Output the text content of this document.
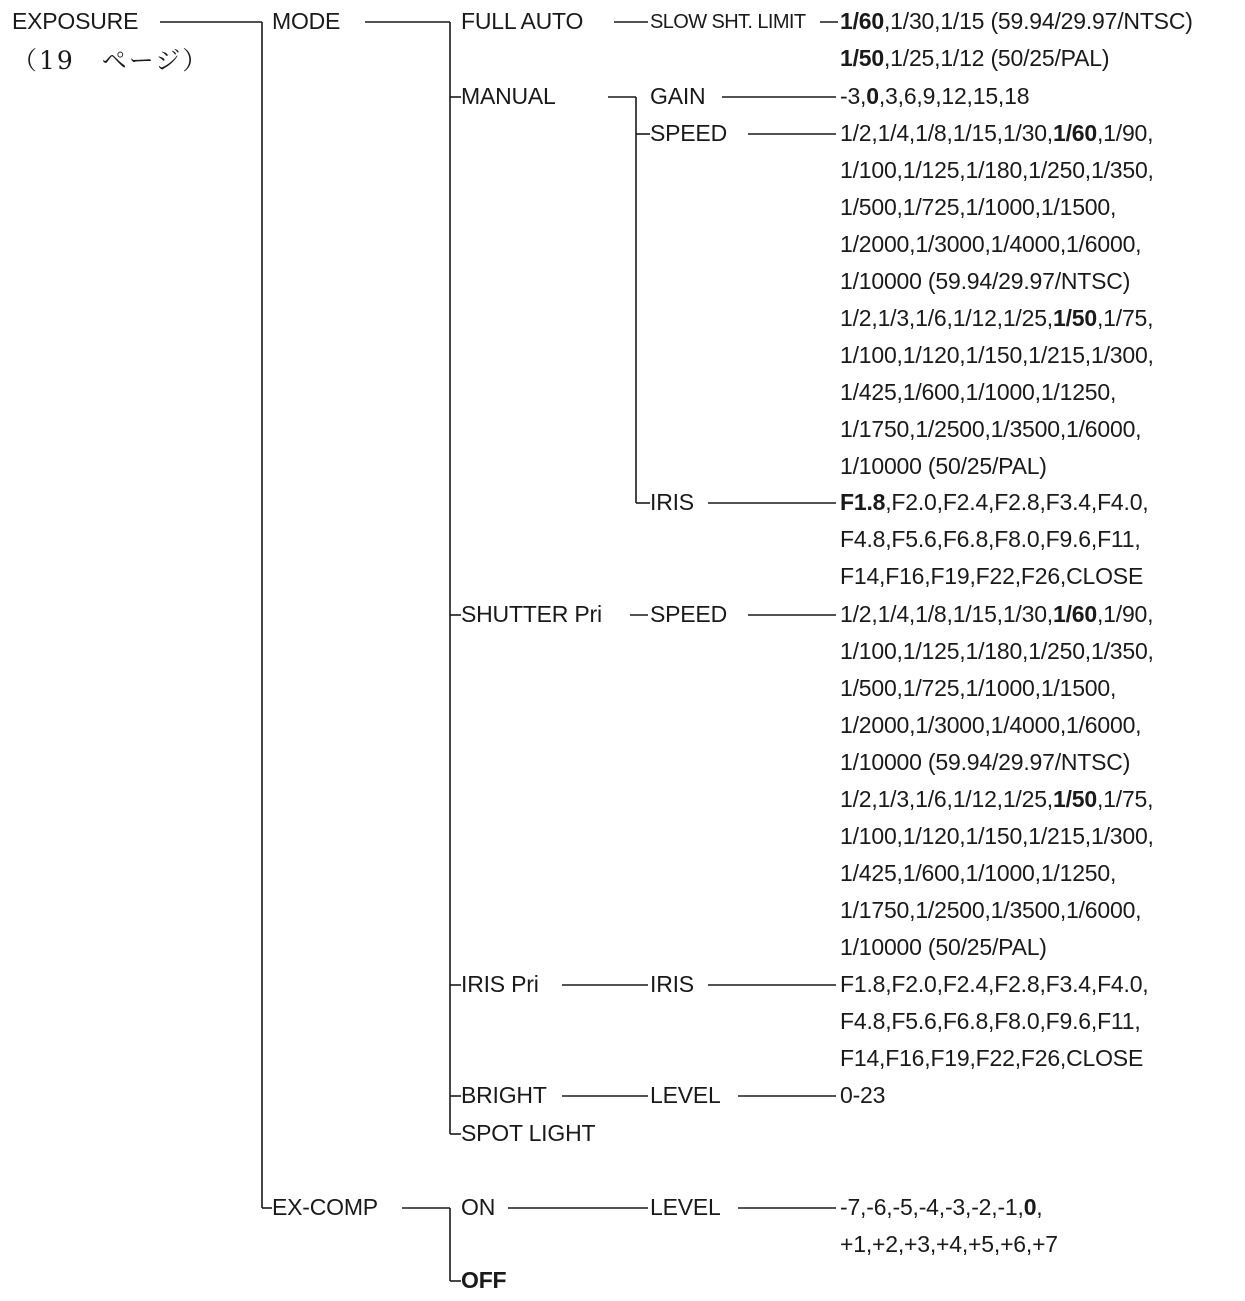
EXPOSURE
（19　ページ）
MODE
EX-COMP
FULL AUTO
MANUAL
SHUTTER Pri
IRIS Pri
BRIGHT
SPOT LIGHT
ON
OFF
SLOW SHT. LIMIT
GAIN
SPEED
IRIS
SPEED
IRIS
LEVEL
LEVEL
1/60,1/30,1/15 (59.94/29.97/NTSC)
1/50,1/25,1/12 (50/25/PAL)
-3,0,3,6,9,12,15,18
1/2,1/4,1/8,1/15,1/30,1/60,1/90,
1/100,1/125,1/180,1/250,1/350,
1/500,1/725,1/1000,1/1500,
1/2000,1/3000,1/4000,1/6000,
1/10000 (59.94/29.97/NTSC)
1/2,1/3,1/6,1/12,1/25,1/50,1/75,
1/100,1/120,1/150,1/215,1/300,
1/425,1/600,1/1000,1/1250,
1/1750,1/2500,1/3500,1/6000,
1/10000 (50/25/PAL)
F1.8,F2.0,F2.4,F2.8,F3.4,F4.0,
F4.8,F5.6,F6.8,F8.0,F9.6,F11,
F14,F16,F19,F22,F26,CLOSE
1/2,1/4,1/8,1/15,1/30,1/60,1/90,
1/100,1/125,1/180,1/250,1/350,
1/500,1/725,1/1000,1/1500,
1/2000,1/3000,1/4000,1/6000,
1/10000 (59.94/29.97/NTSC)
1/2,1/3,1/6,1/12,1/25,1/50,1/75,
1/100,1/120,1/150,1/215,1/300,
1/425,1/600,1/1000,1/1250,
1/1750,1/2500,1/3500,1/6000,
1/10000 (50/25/PAL)
F1.8,F2.0,F2.4,F2.8,F3.4,F4.0,
F4.8,F5.6,F6.8,F8.0,F9.6,F11,
F14,F16,F19,F22,F26,CLOSE
0-23
-7,-6,-5,-4,-3,-2,-1,0,
+1,+2,+3,+4,+5,+6,+7
